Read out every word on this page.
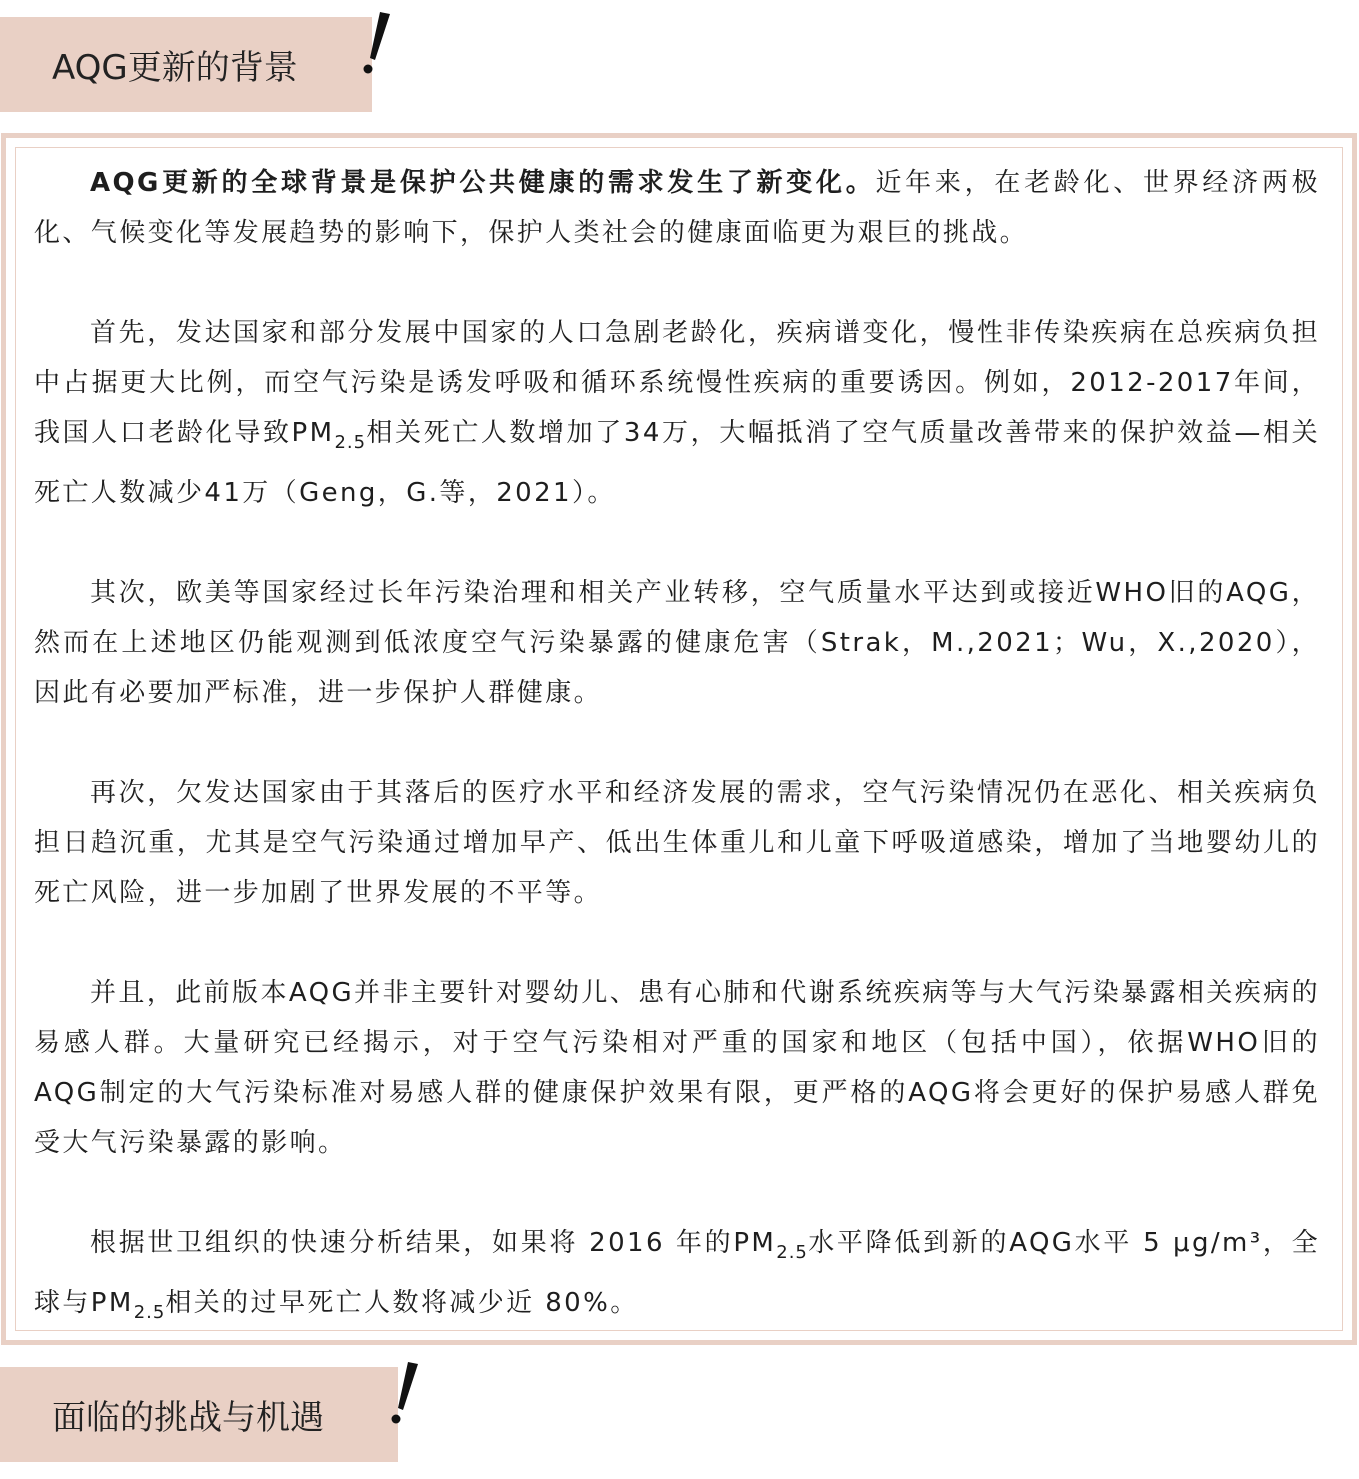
AQG更新的背景

AQG更新的全球背景是保护公共健康的需求发生了新变化。近年来，在老龄化、世界经济两极化、气候变化等发展趋势的影响下，保护人类社会的健康面临更为艰巨的挑战。

首先，发达国家和部分发展中国家的人口急剧老龄化，疾病谱变化，慢性非传染疾病在总疾病负担中占据更大比例，而空气污染是诱发呼吸和循环系统慢性疾病的重要诱因。例如，2012-2017年间，我国人口老龄化导致$PM_{2.5}$相关死亡人数增加了34万，大幅抵消了空气质量改善带来的保护效益—相关死亡人数减少41万（Geng，G.等，2021）。

其次，欧美等国家经过长年污染治理和相关产业转移，空气质量水平达到或接近WHO旧的AQG，然而在上述地区仍能观测到低浓度空气污染暴露的健康危害（Strak，M.,2021；Wu，X.,2020），因此有必要加严标准，进一步保护人群健康。

再次，欠发达国家由于其落后的医疗水平和经济发展的需求，空气污染情况仍在恶化、相关疾病负担日趋沉重，尤其是空气污染通过增加早产、低出生体重儿和儿童下呼吸道感染，增加了当地婴幼儿的死亡风险，进一步加剧了世界发展的不平等。

并且，此前版本AQG并非主要针对婴幼儿、患有心肺和代谢系统疾病等与大气污染暴露相关疾病的易感人群。大量研究已经揭示，对于空气污染相对严重的国家和地区（包括中国），依据WHO旧的AQG制定的大气污染标准对易感人群的健康保护效果有限，更严格的AQG将会更好的保护易感人群免受大气污染暴露的影响。

根据世卫组织的快速分析结果，如果将 2016 年的$PM_{2.5}$水平降低到新的AQG水平 5 μg/m³，全球与$PM_{2.5}$相关的过早死亡人数将减少近 80%。

面临的挑战与机遇
